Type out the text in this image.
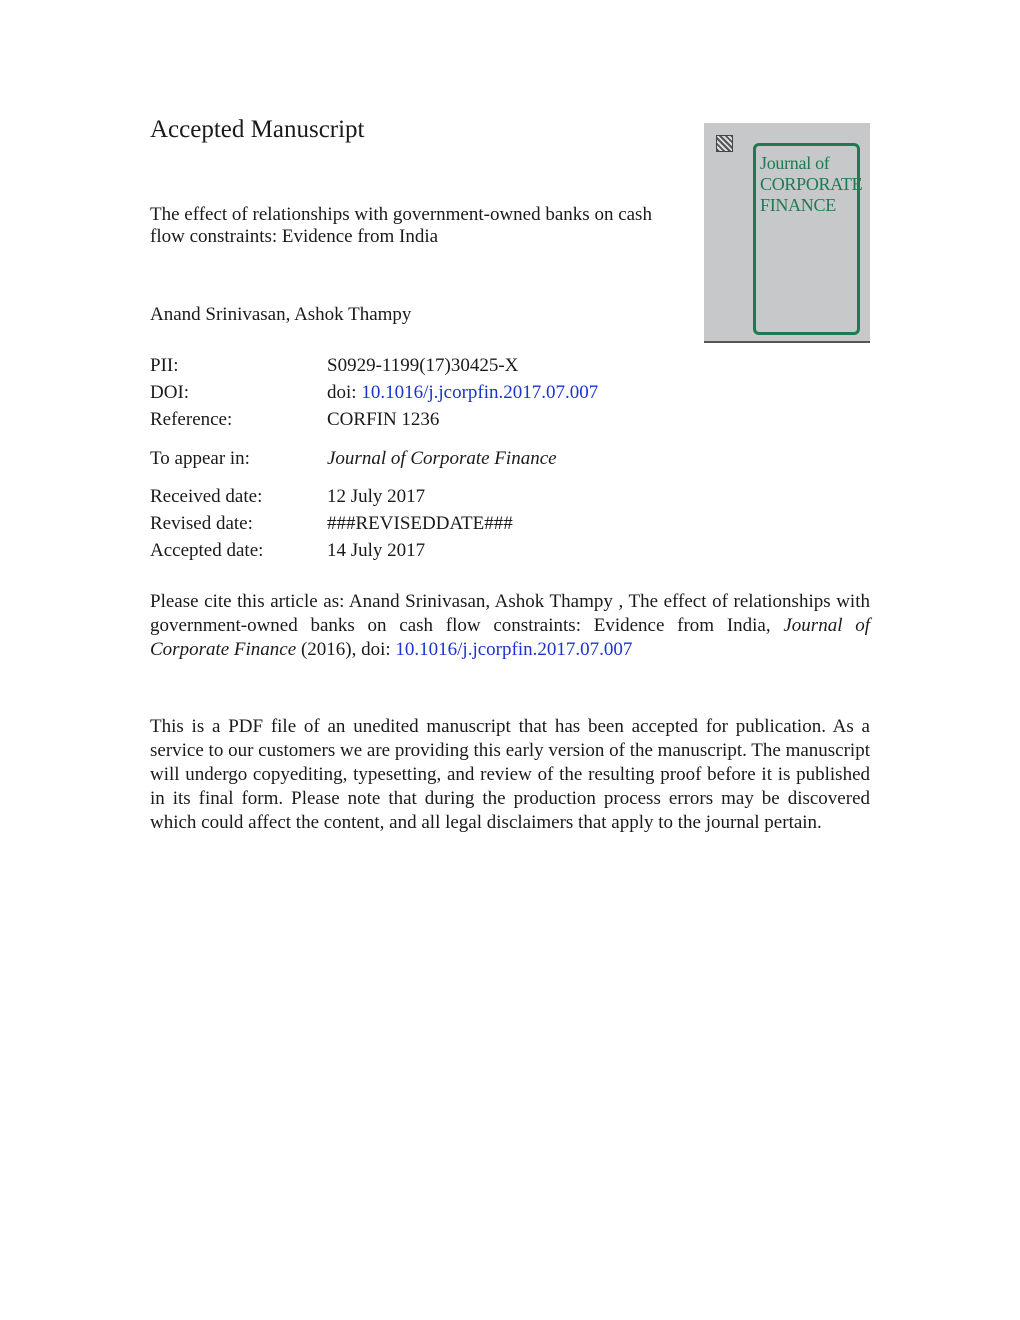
Accepted Manuscript
The effect of relationships with government-owned banks on cash flow constraints: Evidence from India
Anand Srinivasan, Ashok Thampy
Journal of
CORPORATE
FINANCE
PII:	S0929-1199(17)30425-X
DOI:	doi: 10.1016/j.jcorpfin.2017.07.007
Reference:	CORFIN 1236
To appear in:	Journal of Corporate Finance
Received date:	12 July 2017
Revised date:	###REVISEDDATE###
Accepted date:	14 July 2017
Please cite this article as: Anand Srinivasan, Ashok Thampy , The effect of relationships with government-owned banks on cash flow constraints: Evidence from India, Journal of Corporate Finance (2016), doi: 10.1016/j.jcorpfin.2017.07.007
This is a PDF file of an unedited manuscript that has been accepted for publication. As a service to our customers we are providing this early version of the manuscript. The manuscript will undergo copyediting, typesetting, and review of the resulting proof before it is published in its final form. Please note that during the production process errors may be discovered which could affect the content, and all legal disclaimers that apply to the journal pertain.
